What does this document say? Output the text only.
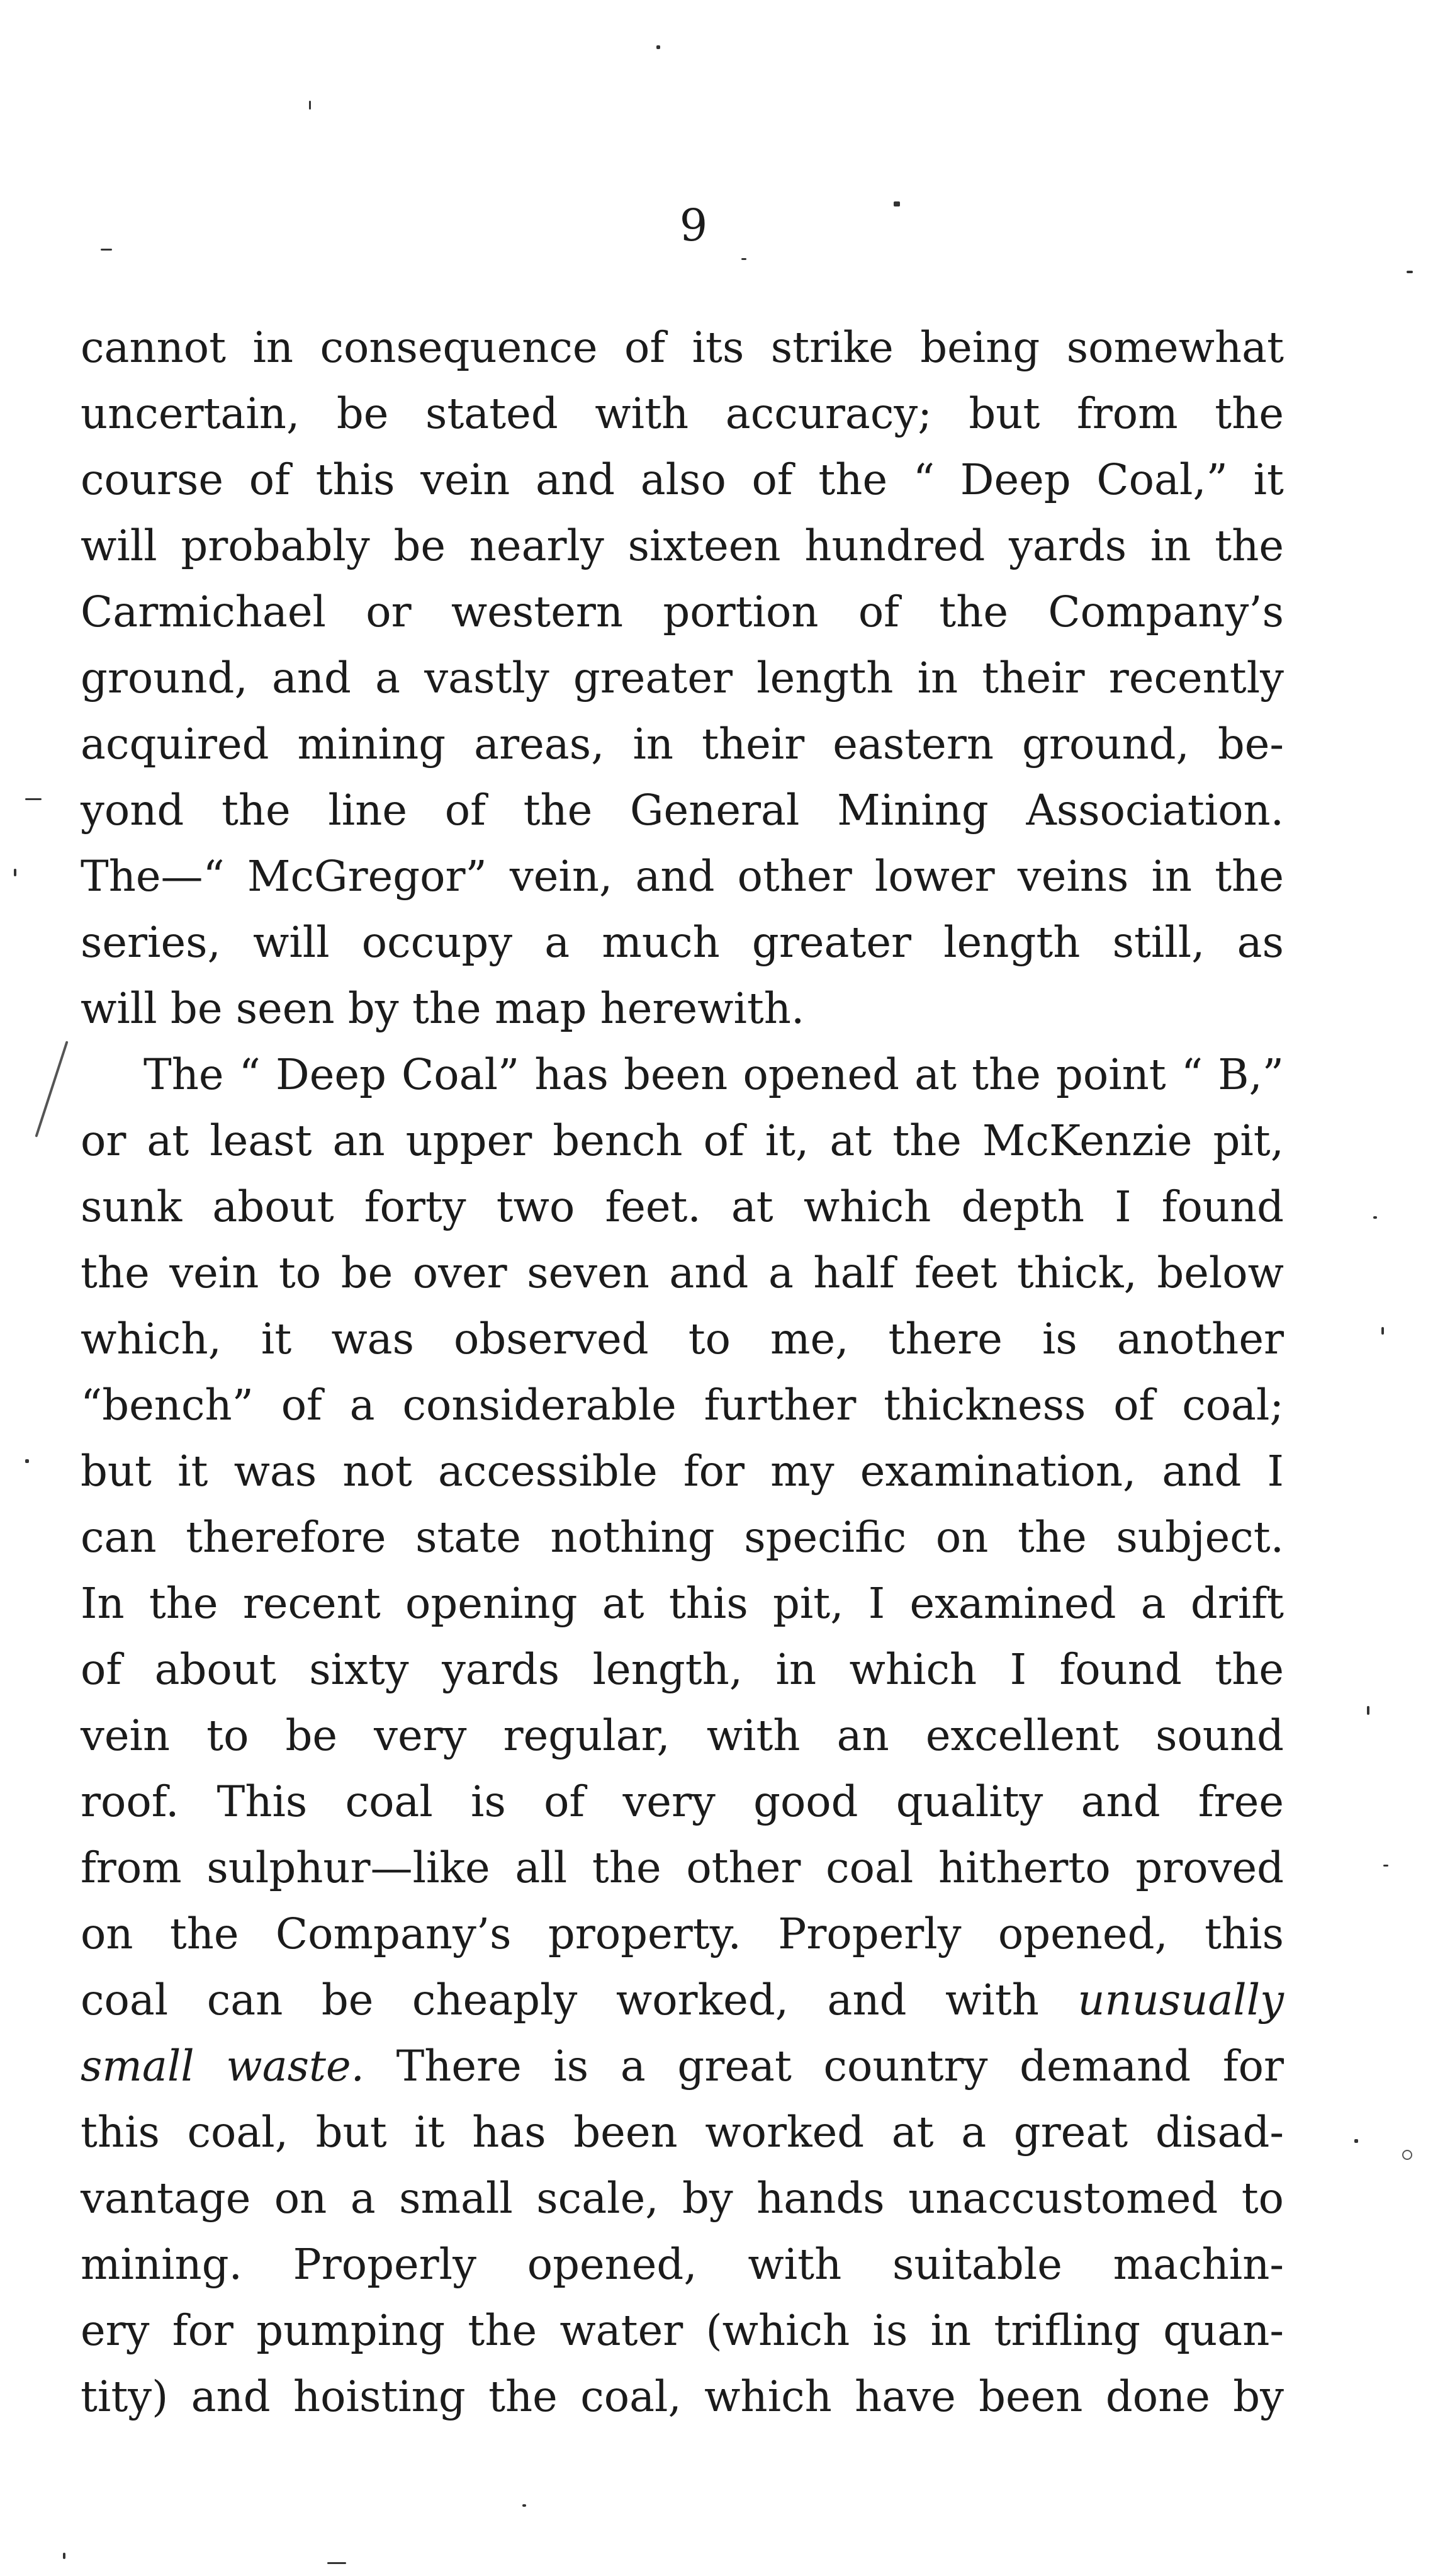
9
cannot in consequence of its strike being somewhat
uncertain, be stated with accuracy; but from the
course of this vein and also of the “ Deep Coal,” it
will probably be nearly sixteen hundred yards in the
Carmichael or western portion of the Company’s
ground, and a vastly greater length in their recently
acquired mining areas, in their eastern ground, be-
yond the line of the General Mining Association.
The—“ McGregor” vein, and other lower veins in the
series, will occupy a much greater length still, as
will be seen by the map herewith.
The “ Deep Coal” has been opened at the point “ B,”
or at least an upper bench of it, at the McKenzie pit,
sunk about forty two feet. at which depth I found
the vein to be over seven and a half feet thick, below
which, it was observed to me, there is another
“bench” of a considerable further thickness of coal;
but it was not accessible for my examination, and I
can therefore state nothing specific on the subject.
In the recent opening at this pit, I examined a drift
of about sixty yards length, in which I found the
vein to be very regular, with an excellent sound
roof. This coal is of very good quality and free
from sulphur—like all the other coal hitherto proved
on the Company’s property. Properly opened, this
coal can be cheaply worked, and with unusually
small waste. There is a great country demand for
this coal, but it has been worked at a great disad-
vantage on a small scale, by hands unaccustomed to
mining. Properly opened, with suitable machin-
ery for pumping the water (which is in trifling quan-
tity) and hoisting the coal, which have been done by
